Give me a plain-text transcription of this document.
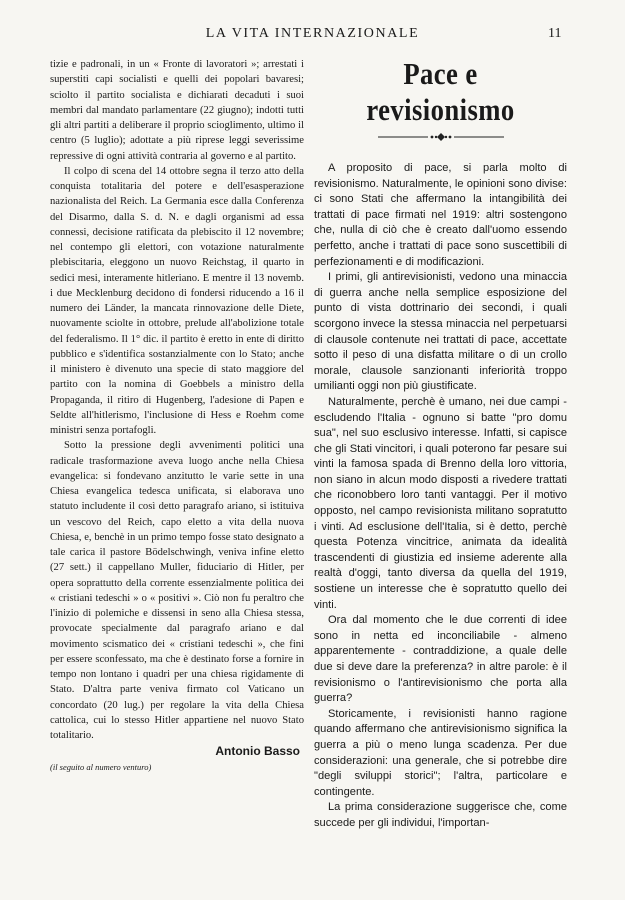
LA VITA INTERNAZIONALE	11

tizie e padronali, in un « Fronte di lavoratori »; arrestati i superstiti capi socialisti e quelli dei popolari bavaresi; sciolto il partito socialista e dichiarati decaduti i suoi membri dal mandato parlamentare (22 giugno); indotti tutti gli altri partiti a deliberare il proprio scioglimento, ultimo il centro (5 luglio); adottate a più riprese leggi severissime repressive di ogni attività contraria al governo e al partito.

Il colpo di scena del 14 ottobre segna il terzo atto della conquista totalitaria del potere e dell'esasperazione nazionalista del Reich. La Germania esce dalla Conferenza del Disarmo, dalla S. d. N. e dagli organismi ad essa connessi, decisione ratificata da plebiscito il 12 novembre; nel contempo gli elettori, con votazione naturalmente plebiscitaria, eleggono un nuovo Reichstag, il quarto in sedici mesi, interamente hitleriano. E mentre il 13 novemb. i due Mecklenburg decidono di fondersi riducendo a 16 il numero dei Länder, la mancata rinnovazione delle Diete, nuovamente sciolte in ottobre, prelude all'abolizione totale del federalismo. Il 1° dic. il partito è eretto in ente di diritto pubblico e s'identifica sostanzialmente con lo Stato; anche il ministero è divenuto una specie di stato maggiore del partito con la nomina di Goebbels a ministro della Propaganda, il ritiro di Hugenberg, l'adesione di Papen e Seldte all'hitlerismo, l'inclusione di Hess e Roehm come ministri senza portafogli.

Sotto la pressione degli avvenimenti politici una radicale trasformazione aveva luogo anche nella Chiesa evangelica: si fondevano anzitutto le varie sette in una Chiesa evangelica tedesca unificata, si elaborava uno statuto includente il così detto paragrafo ariano, si istituiva un vescovo del Reich, capo eletto a vita della nuova Chiesa, e, benchè in un primo tempo fosse stato designato a tale carica il pastore Bödelschwingh, veniva infine eletto (27 sett.) il cappellano Muller, fiduciario di Hitler, per opera soprattutto della corrente essenzialmente politica dei « cristiani tedeschi » o « positivi ». Ciò non fu peraltro che l'inizio di polemiche e dissensi in seno alla Chiesa stessa, provocate specialmente dal paragrafo ariano e dal movimento scismatico dei « cristiani tedeschi », che fini per essere sconfessato, ma che è destinato forse a fornire in tempo non lontano i quadri per una chiesa rigidamente di Stato. D'altra parte veniva firmato col Vaticano un concordato (20 lug.) per regolare la vita della Chiesa cattolica, cui lo stesso Hitler appartiene nel nuovo Stato totalitario.

Antonio Basso
(il seguito al numero venturo)
Pace e revisionismo

A proposito di pace, si parla molto di revisionismo. Naturalmente, le opinioni sono divise: ci sono Stati che affermano la intangibilità dei trattati di pace firmati nel 1919: altri sostengono che, nulla di ciò che è creato dall'uomo essendo perfetto, anche i trattati di pace sono suscettibili di perfezionamenti e di modificazioni.

I primi, gli antirevisionisti, vedono una minaccia di guerra anche nella semplice esposizione del punto di vista dottrinario dei secondi, i quali scorgono invece la stessa minaccia nel perpetuarsi di clausole contenute nei trattati di pace, accettate sotto il peso di una disfatta militare o di un crollo morale, clausole sanzionanti inferiorità troppo umilianti oggi non più giustificate.

Naturalmente, perchè è umano, nei due campi - escludendo l'Italia - ognuno si batte "pro domu sua", nel suo esclusivo interesse. Infatti, si capisce che gli Stati vincitori, i quali poterono far pesare sui vinti la famosa spada di Brenno della loro vittoria, non siano in alcun modo disposti a rivedere trattati che riconobbero loro tanti vantaggi. Per il motivo opposto, nel campo revisionista militano sopratutto i vinti. Ad esclusione dell'Italia, si è detto, perchè questa Potenza vincitrice, animata da idealità trascendenti di giustizia ed insieme aderente alla realtà d'oggi, tanto diversa da quella del 1919, sostiene un interesse che è sopratutto quello dei vinti.

Ora dal momento che le due correnti di idee sono in netta ed inconciliabile - almeno apparentemente - contraddizione, a quale delle due si deve dare la preferenza? in altre parole: è il revisionismo o l'antirevisionismo che porta alla guerra?

Storicamente, i revisionisti hanno ragione quando affermano che antirevisionismo significa la guerra a più o meno lunga scadenza. Per due considerazioni: una generale, che si potrebbe dire "degli sviluppi storici"; l'altra, particolare e contingente.

La prima considerazione suggerisce che, come succede per gli individui, l'importan-
